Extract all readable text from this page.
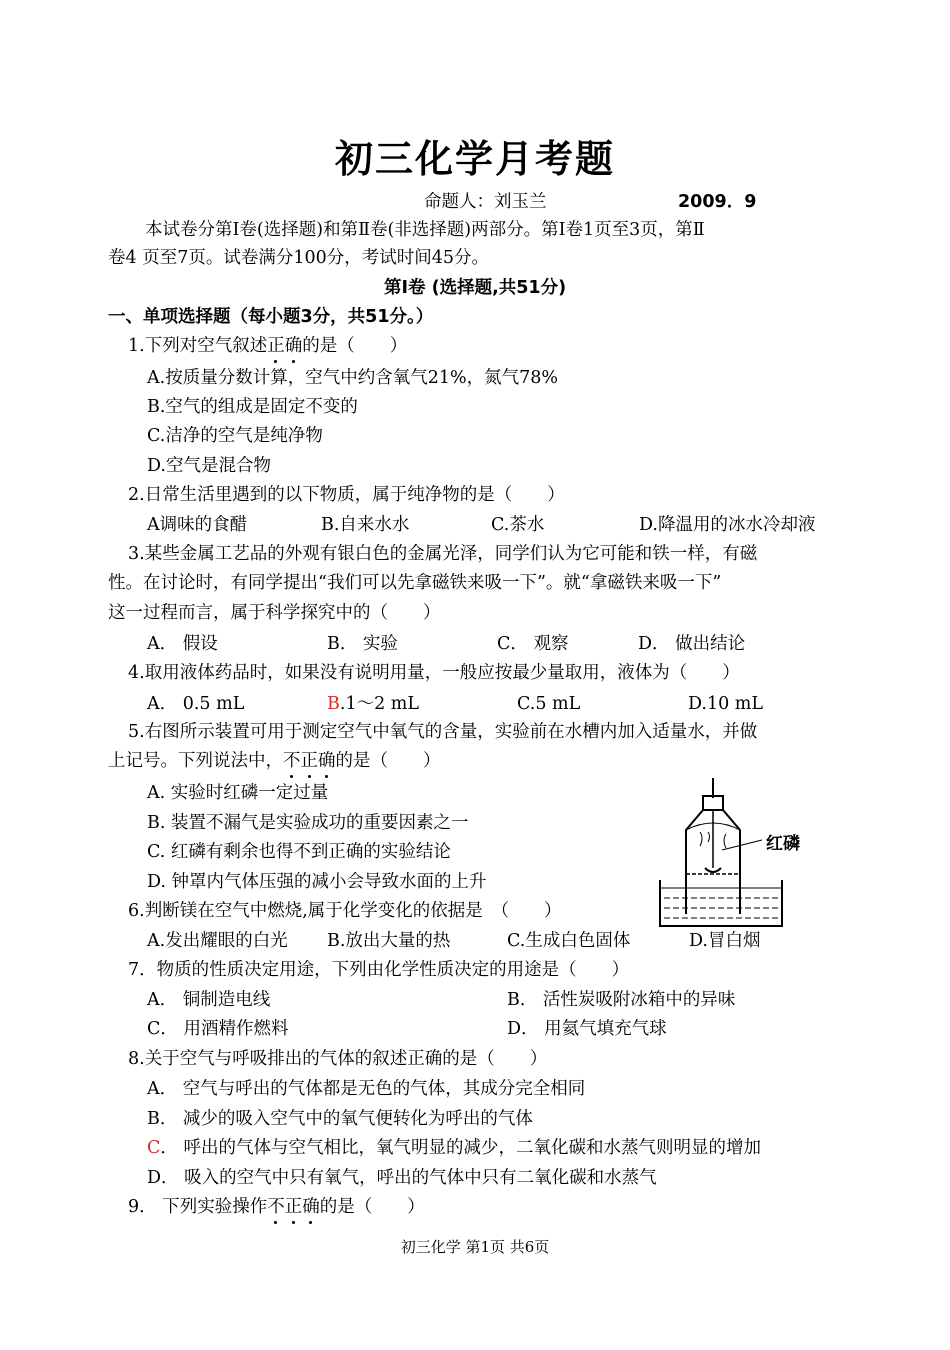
初三化学月考题
命题人：刘玉兰	2009．9
本试卷分第Ⅰ卷(选择题)和第Ⅱ卷(非选择题)两部分。第Ⅰ卷1页至3页，第Ⅱ
卷4 页至7页。试卷满分100分，考试时间45分。
第Ⅰ卷 (选择题,共51分)
一、单项选择题（每小题3分，共51分。）
1.下列对空气叙述正确的是（　　）
A.按质量分数计算，空气中约含氧气21%，氮气78%
B.空气的组成是固定不变的
C.洁净的空气是纯净物
D.空气是混合物
2.日常生活里遇到的以下物质，属于纯净物的是（　　）
A调味的食醋	B.自来水水	C.茶水	D.降温用的冰水冷却液
3.某些金属工艺品的外观有银白色的金属光泽，同学们认为它可能和铁一样，有磁
性。在讨论时，有同学提出“我们可以先拿磁铁来吸一下”。就“拿磁铁来吸一下”
这一过程而言，属于科学探究中的（　　）
A． 假设	B． 实验	C． 观察	D． 做出结论
4.取用液体药品时，如果没有说明用量，一般应按最少量取用，液体为（　　）
A． 0.5 mL	B.1～2 mL	C.5 mL	D.10 mL
5.右图所示装置可用于测定空气中氧气的含量，实验前在水槽内加入适量水，并做
上记号。下列说法中，不正确的是（　　）
A. 实验时红磷一定过量
B. 装置不漏气是实验成功的重要因素之一
C. 红磷有剩余也得不到正确的实验结论
D. 钟罩内气体压强的减小会导致水面的上升
红磷
6.判断镁在空气中燃烧,属于化学变化的依据是　（　　）
A.发出耀眼的白光 B.放出大量的热	C.生成白色固体	D.冒白烟
7．物质的性质决定用途，下列由化学性质决定的用途是（　　）
A． 铜制造电线	B． 活性炭吸附冰箱中的异味
C． 用酒精作燃料	D． 用氦气填充气球
8.关于空气与呼吸排出的气体的叙述正确的是（　　）
A． 空气与呼出的气体都是无色的气体，其成分完全相同
B． 减少的吸入空气中的氧气便转化为呼出的气体
C． 呼出的气体与空气相比，氧气明显的减少，二氧化碳和水蒸气则明显的增加
D． 吸入的空气中只有氧气，呼出的气体中只有二氧化碳和水蒸气
9． 下列实验操作不正确的是（　　）
初三化学 第1页 共6页
